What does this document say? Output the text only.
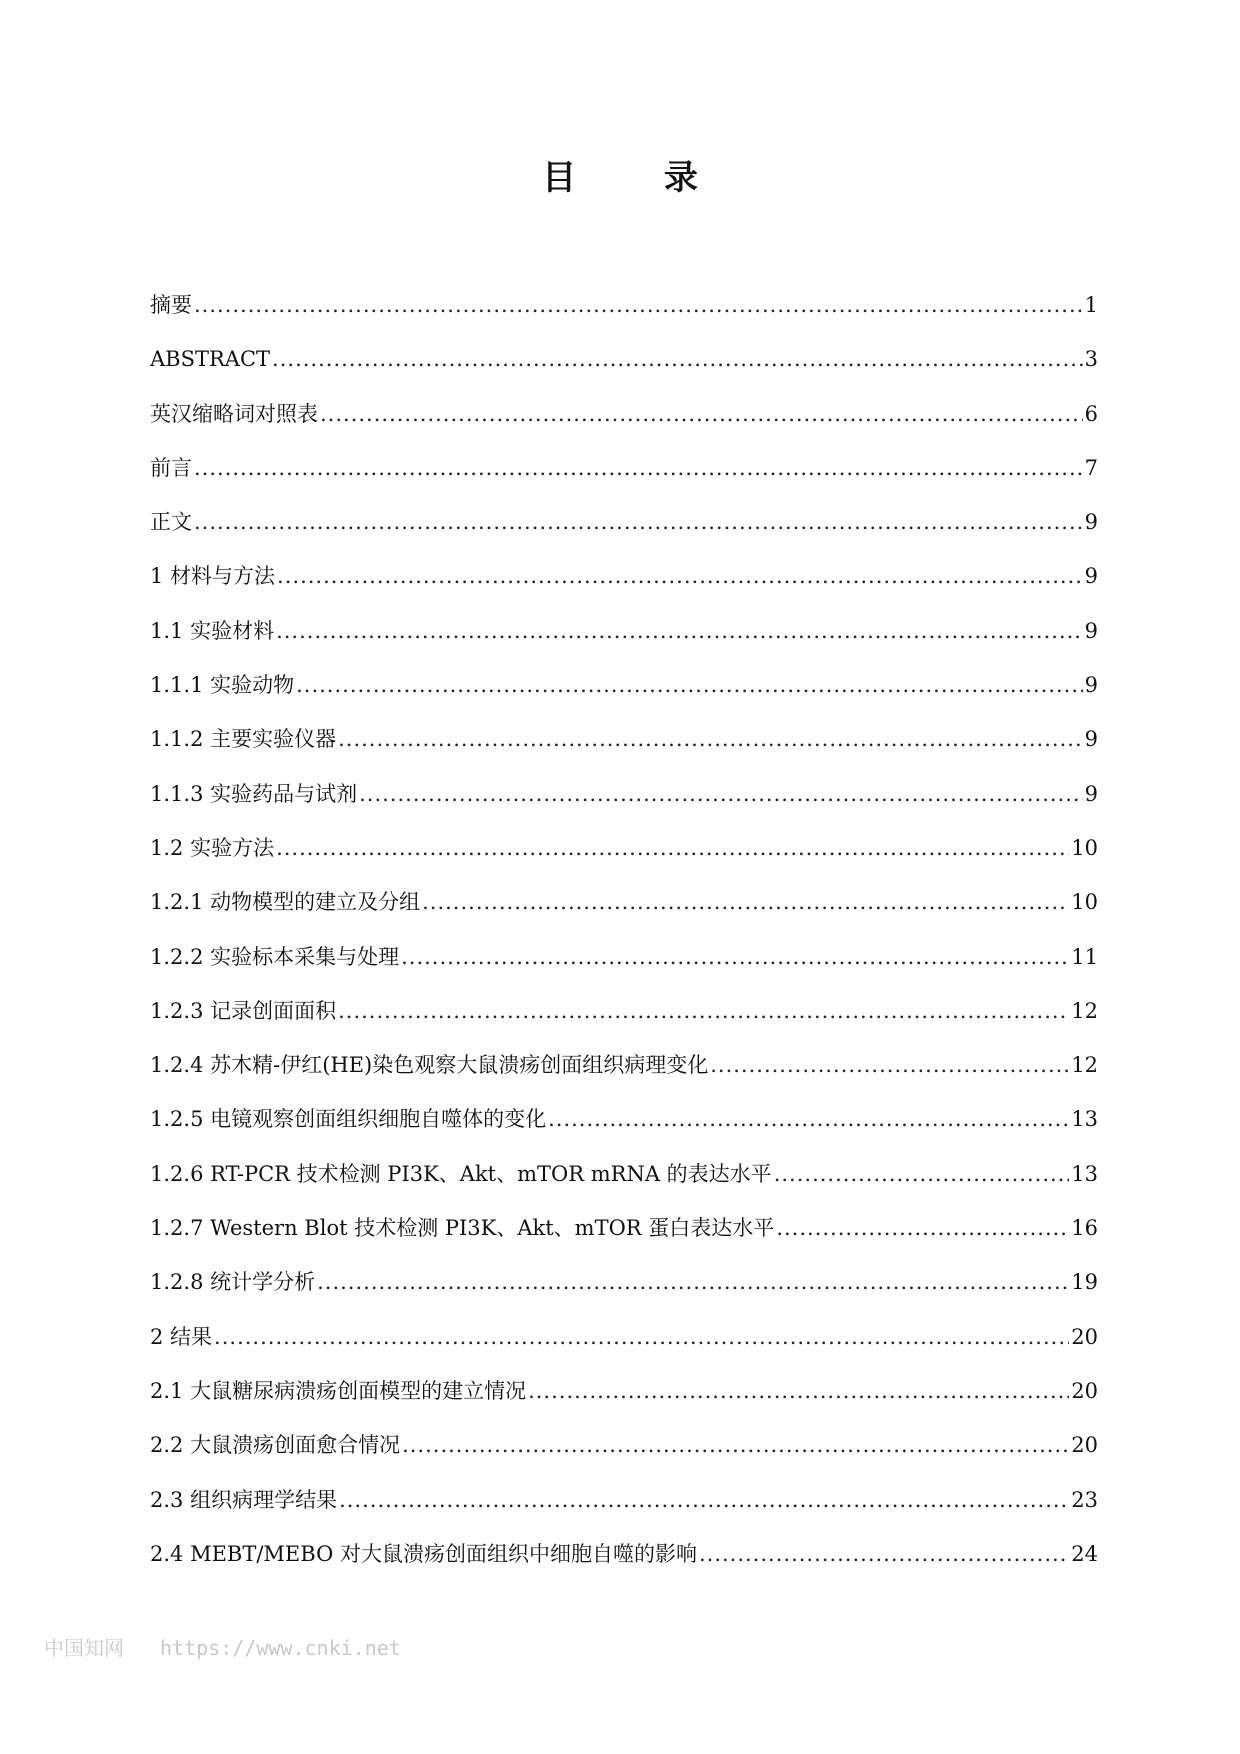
目 录
摘要 .....	1
ABSTRACT .....	3
英汉缩略词对照表 .....	6
前言 .....	7
正文 .....	9
1 材料与方法 .....	9
1.1 实验材料 .....	9
1.1.1 实验动物 .....	9
1.1.2 主要实验仪器 .....	9
1.1.3 实验药品与试剂 .....	9
1.2 实验方法 .....	10
1.2.1 动物模型的建立及分组 .....	10
1.2.2 实验标本采集与处理 .....	11
1.2.3 记录创面面积 .....	12
1.2.4 苏木精-伊红(HE)染色观察大鼠溃疡创面组织病理变化 .....	12
1.2.5 电镜观察创面组织细胞自噬体的变化 .....	13
1.2.6 RT-PCR 技术检测 PI3K、Akt、mTOR mRNA 的表达水平 .....	13
1.2.7 Western Blot 技术检测 PI3K、Akt、mTOR 蛋白表达水平 .....	16
1.2.8 统计学分析 .....	19
2 结果 .....	20
2.1 大鼠糖尿病溃疡创面模型的建立情况 .....	20
2.2 大鼠溃疡创面愈合情况 .....	20
2.3 组织病理学结果 .....	23
2.4 MEBT/MEBO 对大鼠溃疡创面组织中细胞自噬的影响 .....	24
中国知网 https://www.cnki.net
